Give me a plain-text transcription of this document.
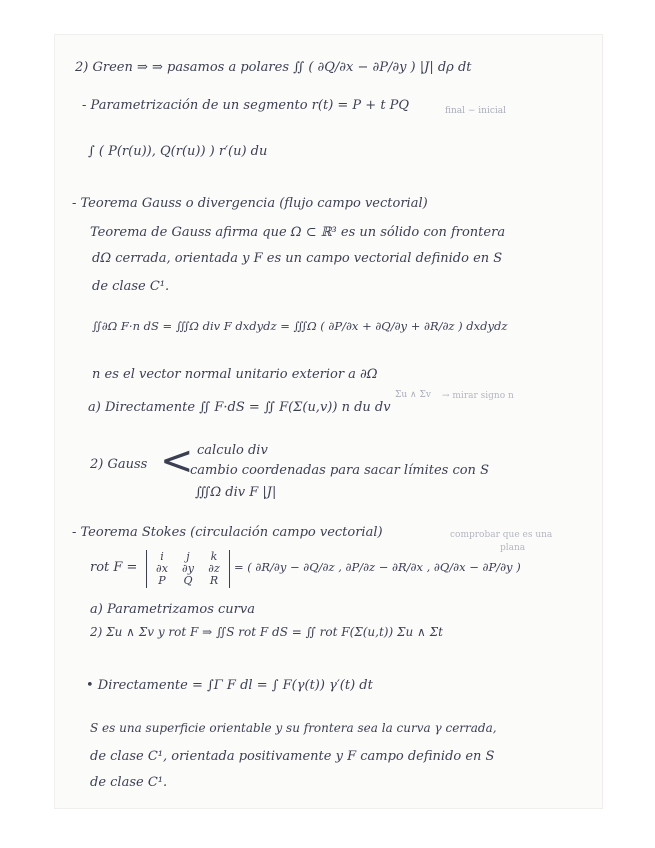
2) Green ⇒ ⇒ pasamos a polares ∬ ( ∂Q/∂x − ∂P/∂y ) |J| dρ dt
- Parametrización de un segmento r(t) = P + t PQ	final − inicial
∫ ( P(r(u)), Q(r(u)) ) r′(u) du
- Teorema Gauss o divergencia (flujo campo vectorial)
Teorema de Gauss afirma que Ω ⊂ ℝ³ es un sólido con frontera
dΩ cerrada, orientada y F es un campo vectorial definido en S
de clase C¹.
∬∂Ω F·n dS = ∭Ω div F dxdydz = ∭Ω ( ∂P/∂x + ∂Q/∂y + ∂R/∂z ) dxdydz
n es el vector normal unitario exterior a ∂Ω
a) Directamente ∬ F·dS = ∬ F(Σ(u,v)) n du dv
Σu ∧ Σv → mirar signo n
2) Gauss < calculo div
cambio coordenadas para sacar límites con S
∭Ω div F |J|
- Teorema Stokes (circulación campo vectorial)	comprobar que es una
plana
rot F =
i	j	k
∂x	∂y	∂z
P	Q	R
= ( ∂R/∂y − ∂Q/∂z , ∂P/∂z − ∂R/∂x , ∂Q/∂x − ∂P/∂y )
a) Parametrizamos curva
2) Σu ∧ Σv y rot F ⇒ ∬S rot F dS = ∬ rot F(Σ(u,t)) Σu ∧ Σt
• Directamente = ∫Γ F dl = ∫ F(γ(t)) γ′(t) dt
S es una superficie orientable y su frontera sea la curva γ cerrada,
de clase C¹, orientada positivamente y F campo definido en S
de clase C¹.
